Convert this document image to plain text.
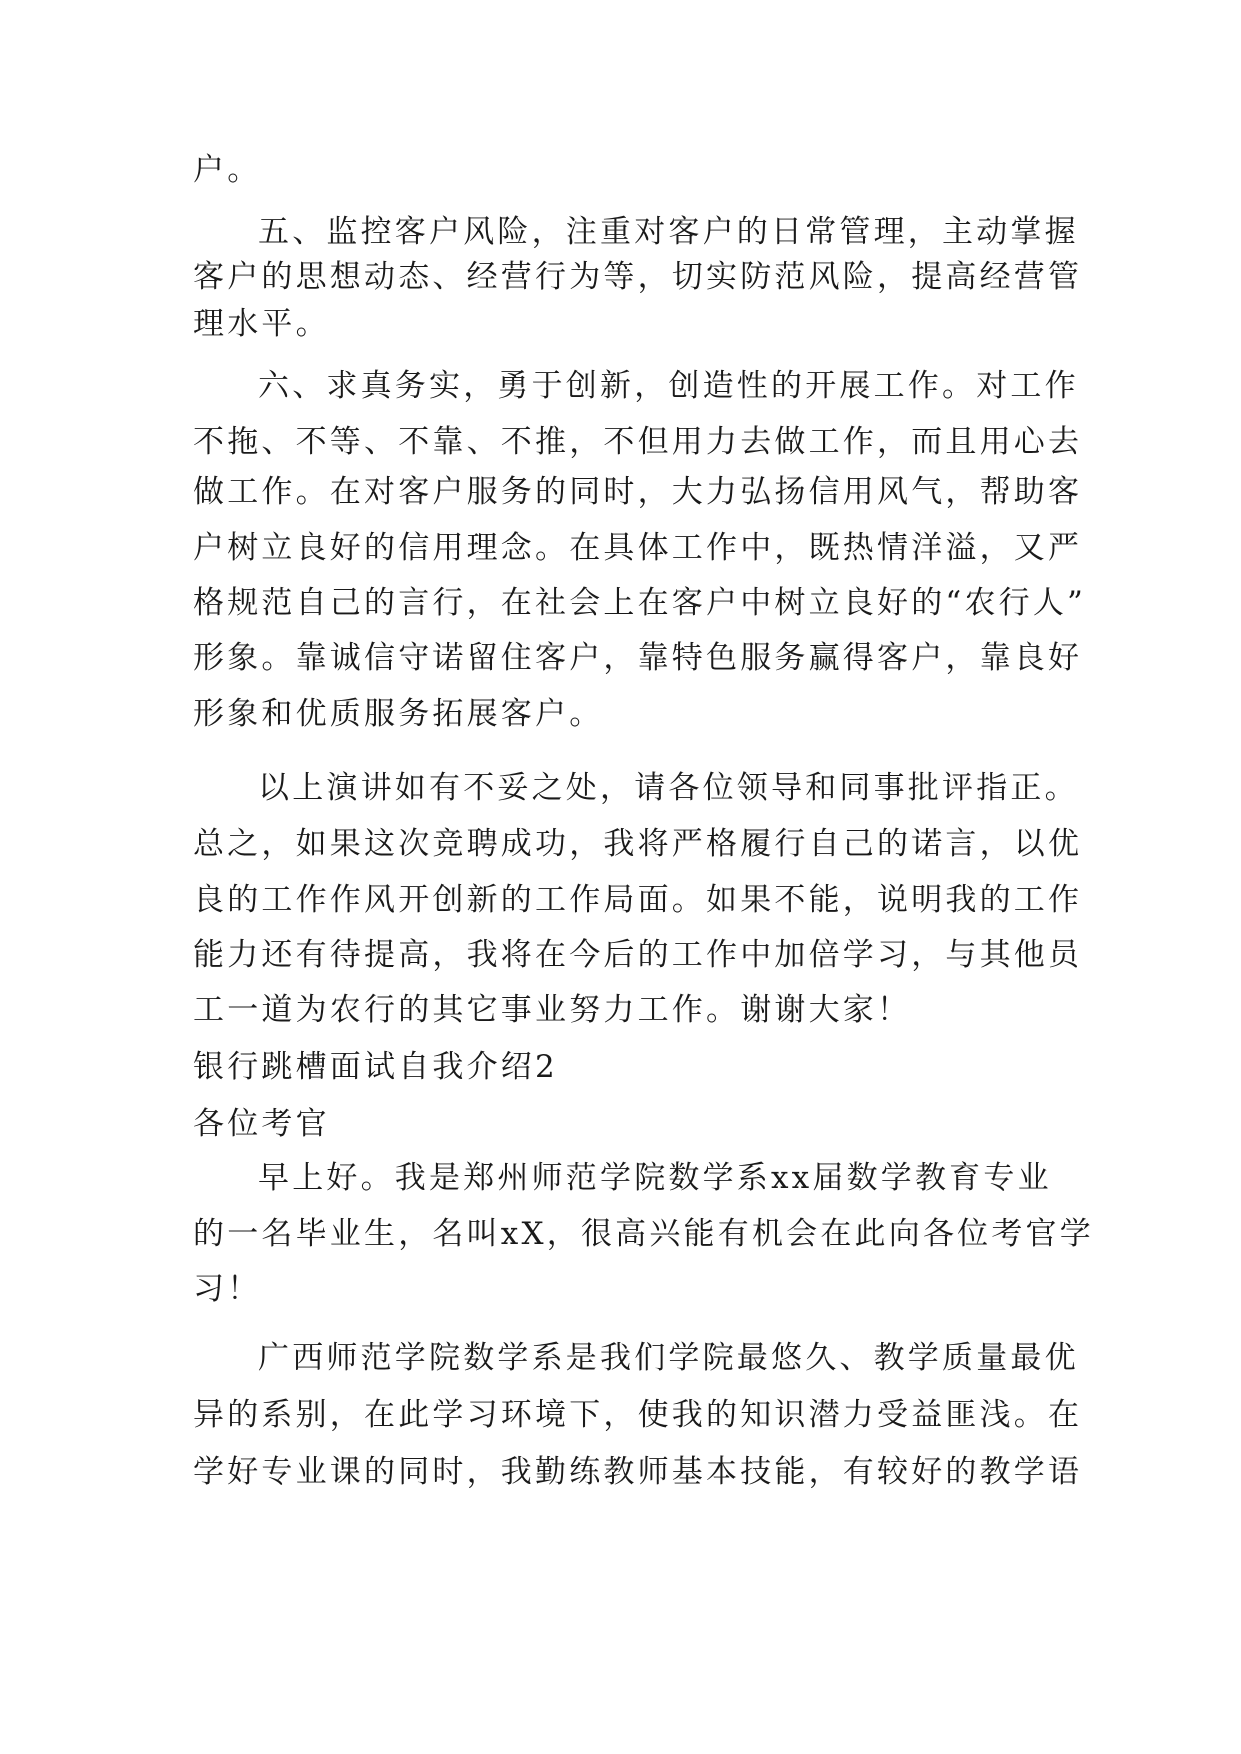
户。
五、监控客户风险，注重对客户的日常管理，主动掌握
客户的思想动态、经营行为等，切实防范风险，提高经营管
理水平。
六、求真务实，勇于创新，创造性的开展工作。对工作
不拖、不等、不靠、不推，不但用力去做工作，而且用心去
做工作。在对客户服务的同时，大力弘扬信用风气，帮助客
户树立良好的信用理念。在具体工作中，既热情洋溢，又严
格规范自己的言行，在社会上在客户中树立良好的“农行人”
形象。靠诚信守诺留住客户，靠特色服务赢得客户，靠良好
形象和优质服务拓展客户。
以上演讲如有不妥之处，请各位领导和同事批评指正。
总之，如果这次竞聘成功，我将严格履行自己的诺言，以优
良的工作作风开创新的工作局面。如果不能，说明我的工作
能力还有待提高，我将在今后的工作中加倍学习，与其他员
工一道为农行的其它事业努力工作。谢谢大家！
银行跳槽面试自我介绍2
各位考官
早上好。我是郑州师范学院数学系xx届数学教育专业
的一名毕业生，名叫xX，很高兴能有机会在此向各位考官学
习！
广西师范学院数学系是我们学院最悠久、教学质量最优
异的系别，在此学习环境下，使我的知识潜力受益匪浅。在
学好专业课的同时，我勤练教师基本技能，有较好的教学语
